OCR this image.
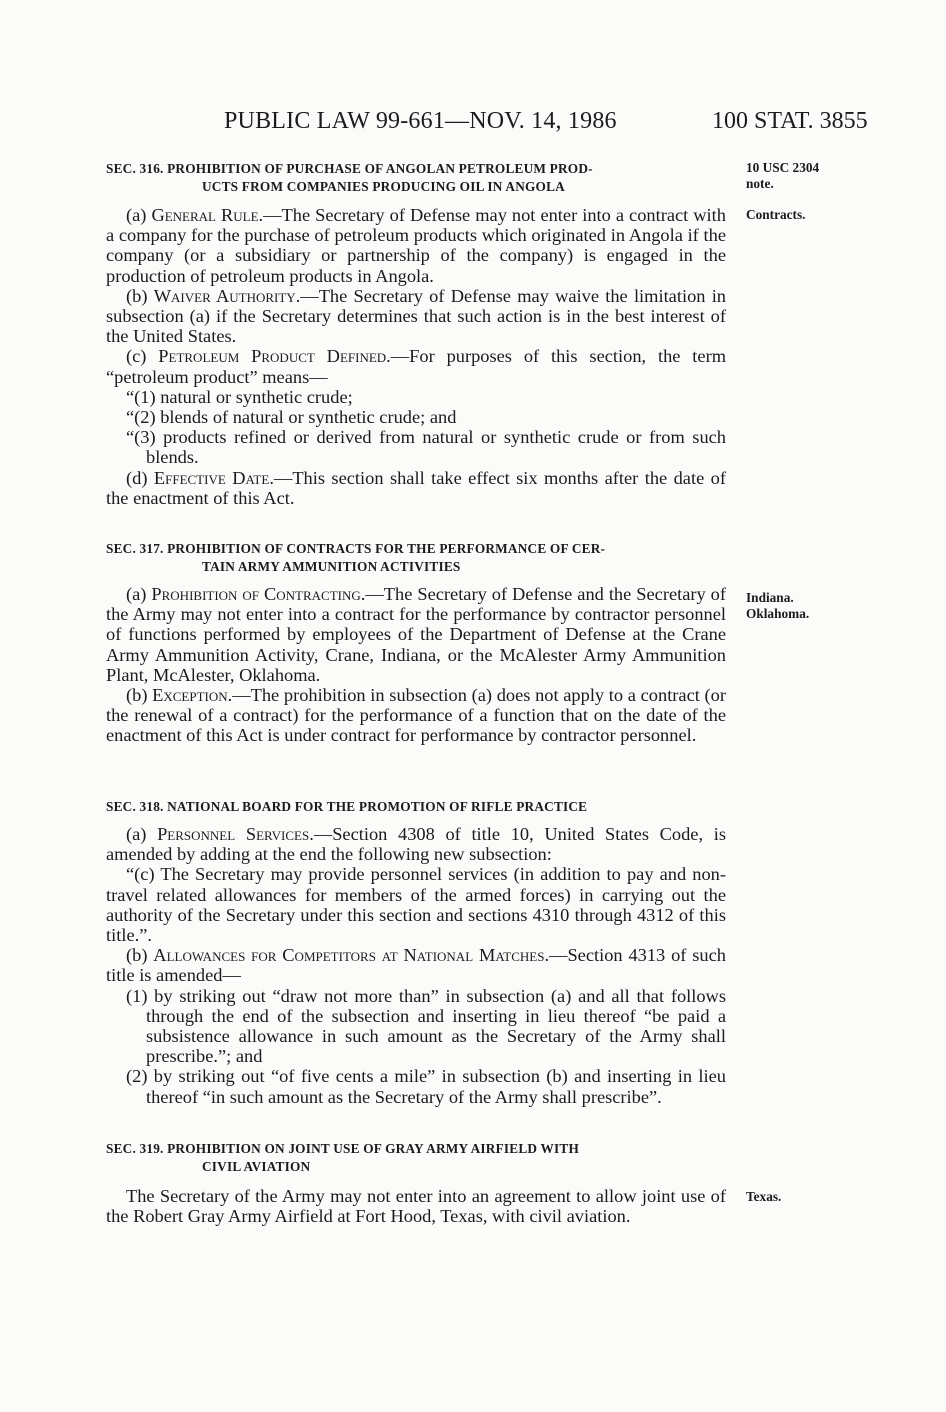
PUBLIC LAW 99-661—NOV. 14, 1986	100 STAT. 3855
10 USC 2304
note.
Contracts.
Indiana.
Oklahoma.
Texas.
SEC. 316. PROHIBITION OF PURCHASE OF ANGOLAN PETROLEUM PROD-
UCTS FROM COMPANIES PRODUCING OIL IN ANGOLA
(a) General Rule.—The Secretary of Defense may not enter into a contract with a company for the purchase of petroleum products which originated in Angola if the company (or a subsidiary or partnership of the company) is engaged in the production of petroleum products in Angola.
(b) Waiver Authority.—The Secretary of Defense may waive the limitation in subsection (a) if the Secretary determines that such action is in the best interest of the United States.
(c) Petroleum Product Defined.—For purposes of this section, the term “petroleum product” means—
“(1) natural or synthetic crude;
“(2) blends of natural or synthetic crude; and
“(3) products refined or derived from natural or synthetic crude or from such blends.
(d) Effective Date.—This section shall take effect six months after the date of the enactment of this Act.
SEC. 317. PROHIBITION OF CONTRACTS FOR THE PERFORMANCE OF CER-
TAIN ARMY AMMUNITION ACTIVITIES
(a) Prohibition of Contracting.—The Secretary of Defense and the Secretary of the Army may not enter into a contract for the performance by contractor personnel of functions performed by employees of the Department of Defense at the Crane Army Ammunition Activity, Crane, Indiana, or the McAlester Army Ammunition Plant, McAlester, Oklahoma.
(b) Exception.—The prohibition in subsection (a) does not apply to a contract (or the renewal of a contract) for the performance of a function that on the date of the enactment of this Act is under contract for performance by contractor personnel.
SEC. 318. NATIONAL BOARD FOR THE PROMOTION OF RIFLE PRACTICE
(a) Personnel Services.—Section 4308 of title 10, United States Code, is amended by adding at the end the following new subsection:
“(c) The Secretary may provide personnel services (in addition to pay and non-travel related allowances for members of the armed forces) in carrying out the authority of the Secretary under this section and sections 4310 through 4312 of this title.”.
(b) Allowances for Competitors at National Matches.—Section 4313 of such title is amended—
(1) by striking out “draw not more than” in subsection (a) and all that follows through the end of the subsection and inserting in lieu thereof “be paid a subsistence allowance in such amount as the Secretary of the Army shall prescribe.”; and
(2) by striking out “of five cents a mile” in subsection (b) and inserting in lieu thereof “in such amount as the Secretary of the Army shall prescribe”.
SEC. 319. PROHIBITION ON JOINT USE OF GRAY ARMY AIRFIELD WITH
CIVIL AVIATION
The Secretary of the Army may not enter into an agreement to allow joint use of the Robert Gray Army Airfield at Fort Hood, Texas, with civil aviation.
